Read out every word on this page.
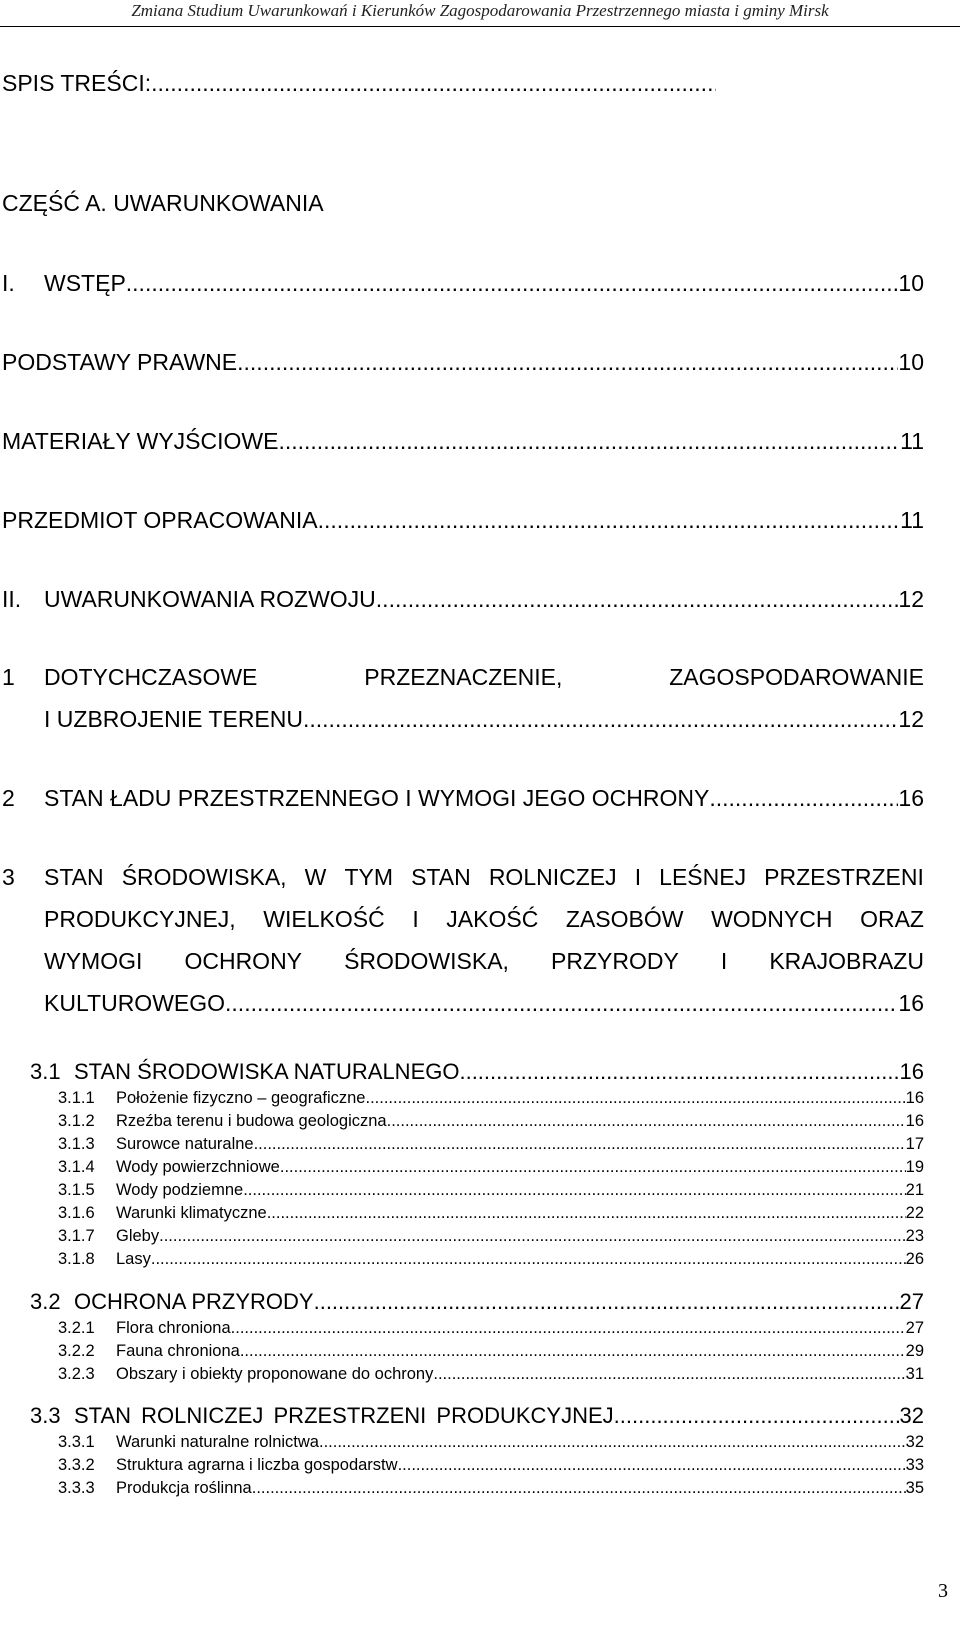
Zmiana Studium Uwarunkowań i Kierunków Zagospodarowania Przestrzennego miasta i gminy Mirsk
SPIS TREŚCI:
.....
CZĘŚĆ A. UWARUNKOWANIA
I.	WSTĘP .....	10
PODSTAWY PRAWNE .....	10
MATERIAŁY WYJŚCIOWE .....	11
PRZEDMIOT OPRACOWANIA .....	11
II. UWARUNKOWANIA ROZWOJU .....	12
1 DOTYCHCZASOWE	PRZEZNACZENIE,	ZAGOSPODAROWANIE
I UZBROJENIE TERENU .....	12
2	STAN ŁADU PRZESTRZENNEGO I WYMOGI JEGO OCHRONY .....	16
3 STAN ŚRODOWISKA, W TYM STAN ROLNICZEJ I LEŚNEJ PRZESTRZENI
PRODUKCYJNEJ, WIELKOŚĆ I JAKOŚĆ ZASOBÓW WODNYCH ORAZ
WYMOGI OCHRONY ŚRODOWISKA, PRZYRODY I KRAJOBRAZU
KULTUROWEGO .....	16
3.1 STAN ŚRODOWISKA NATURALNEGO .....	16
3.1.1	Położenie fizyczno – geograficzne .....	16
3.1.2	Rzeźba terenu i budowa geologiczna .....	16
3.1.3	Surowce naturalne .....	17
3.1.4	Wody powierzchniowe .....	19
3.1.5	Wody podziemne .....	21
3.1.6	Warunki klimatyczne .....	22
3.1.7	Gleby .....	23
3.1.8	Lasy .....	26
3.2 OCHRONA PRZYRODY .....	27
3.2.1	Flora chroniona .....	27
3.2.2	Fauna chroniona .....	29
3.2.3	Obszary i obiekty proponowane do ochrony .....	31
3.3 STAN ROLNICZEJ PRZESTRZENI PRODUKCYJNEJ .....	32
3.3.1	Warunki naturalne rolnictwa .....	32
3.3.2	Struktura agrarna i liczba gospodarstw .....	33
3.3.3	Produkcja roślinna .....	35
3
